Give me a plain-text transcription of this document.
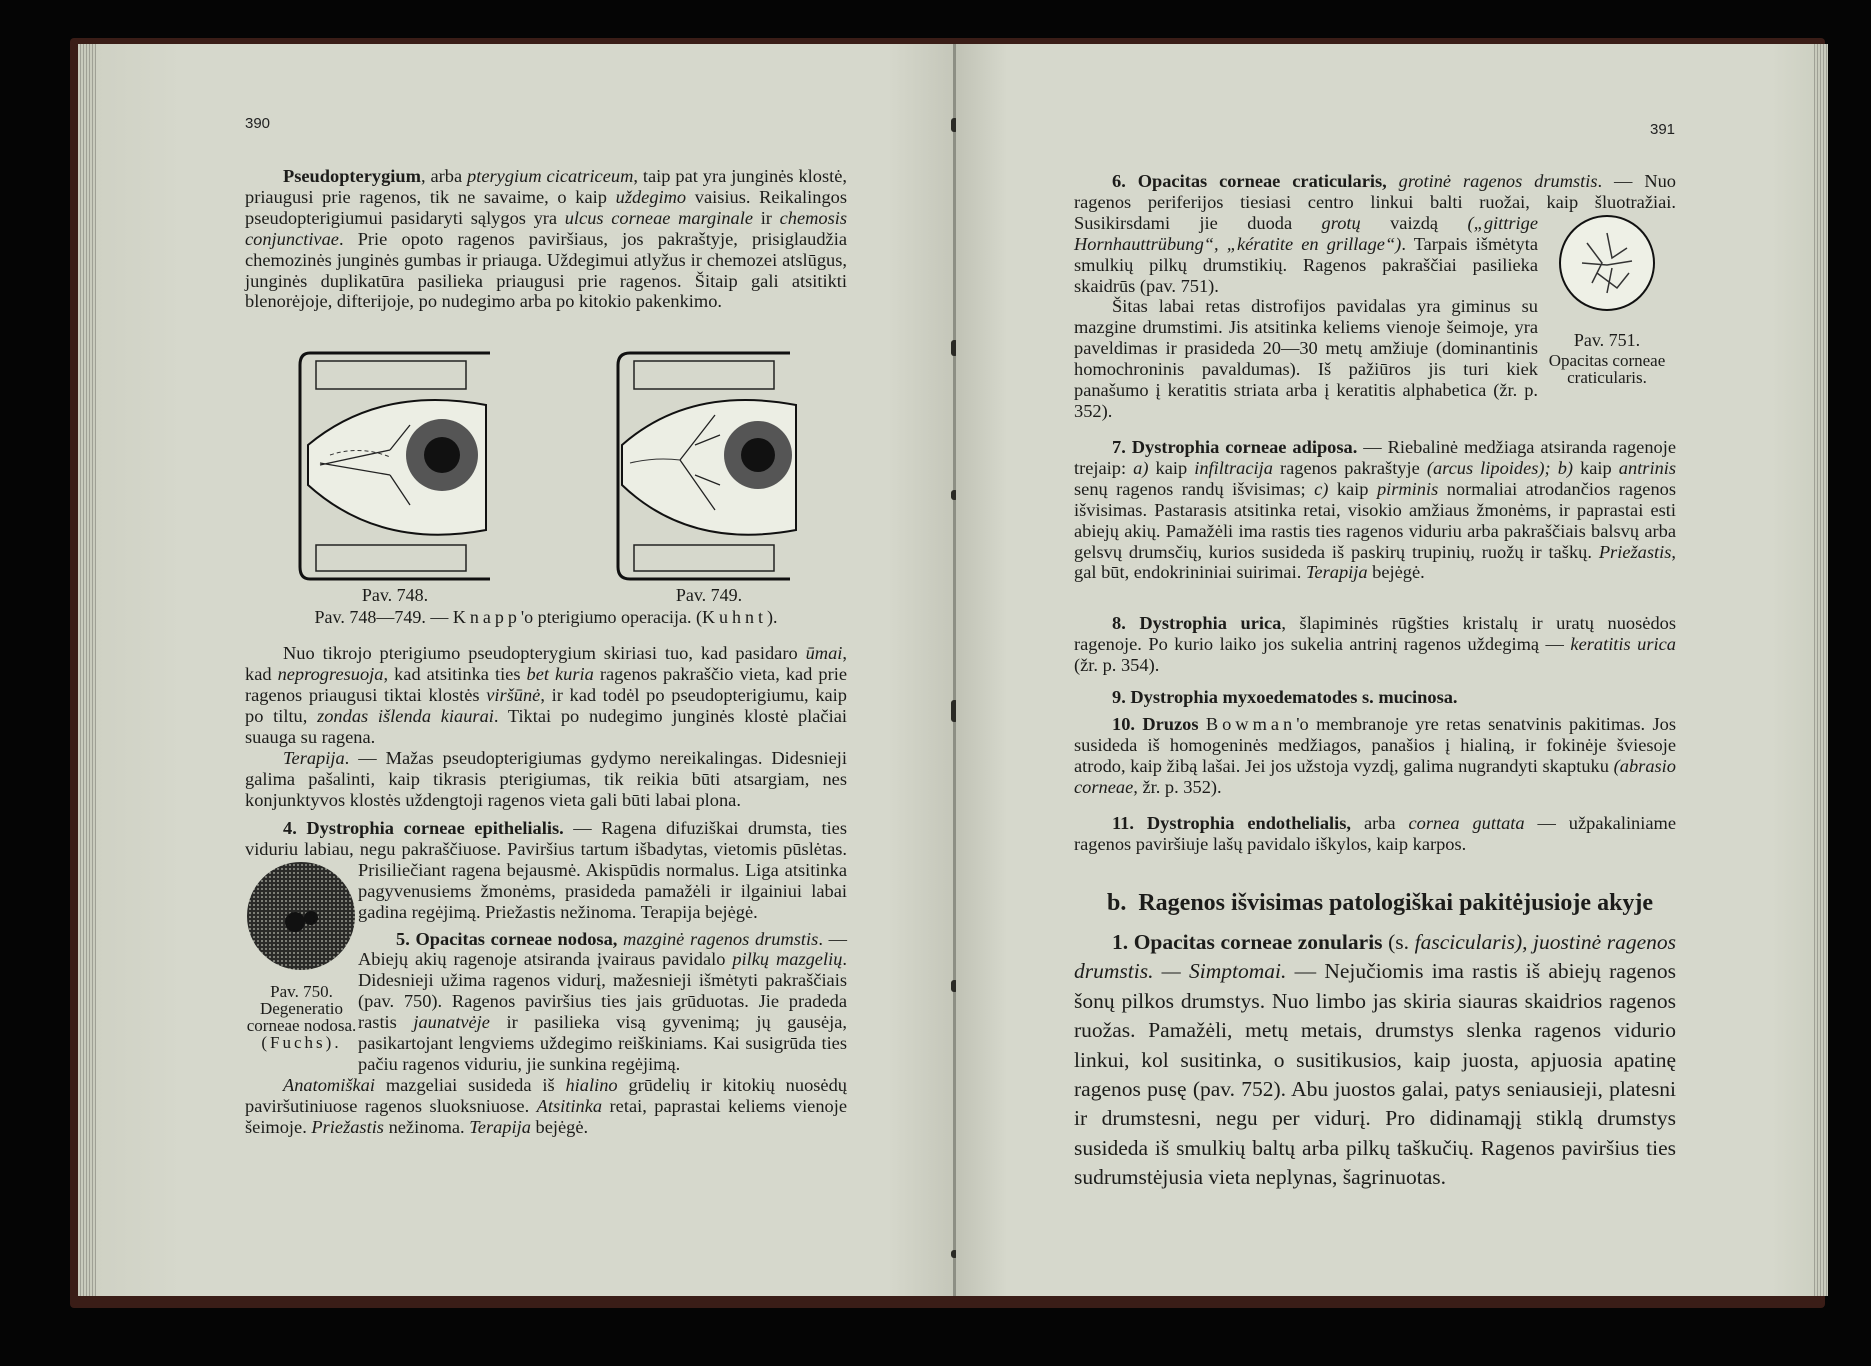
390
Pseudopterygium, arba pterygium cicatriceum, taip pat yra junginės klostė, priaugusi prie ragenos, tik ne savaime, o kaip uždegimo vaisius. Reikalingos pseudopterigiumui pasidaryti sąlygos yra ulcus corneae marginale ir chemosis conjunctivae. Prie opoto ragenos paviršiaus, jos pakraštyje, prisiglaudžia chemozinės junginės gumbas ir priauga. Uždegimui atlyžus ir chemozei atslūgus, junginės duplikatūra pasilieka priaugusi prie ragenos. Šitaip gali atsitikti blenorėjoje, difterijoje, po nudegimo arba po kitokio pakenkimo.
Pav. 748.	Pav. 749.
Pav. 748—749. — Knapp'o pterigiumo operacija. (Kuhnt).
Nuo tikrojo pterigiumo pseudopterygium skiriasi tuo, kad pasidaro ūmai, kad neprogresuoja, kad atsitinka ties bet kuria ragenos pakraščio vieta, kad prie ragenos priaugusi tiktai klostės viršūnė, ir kad todėl po pseudopterigiumu, kaip po tiltu, zondas išlenda kiaurai. Tiktai po nudegimo junginės klostė plačiai suauga su ragena.
Terapija. — Mažas pseudopterigiumas gydymo nereikalingas. Didesnieji galima pašalinti, kaip tikrasis pterigiumas, tik reikia būti atsargiam, nes konjunktyvos klostės uždengtoji ragenos vieta gali būti labai plona.
Pav. 750.
Degeneratio
corneae nodosa.
(Fuchs).
4. Dystrophia corneae epithelialis. — Ragena difuziškai drumsta, ties viduriu labiau, negu pakraščiuose. Paviršius tartum išbadytas, vietomis pūslėtas. Prisiliečiant ragena bejausmė. Akispūdis normalus. Liga atsitinka pagyvenusiems žmonėms, prasideda pamažėli ir ilgainiui labai gadina regėjimą. Priežastis nežinoma. Terapija bejėgė.
5. Opacitas corneae nodosa, mazginė ragenos drumstis. — Abiejų akių ragenoje atsiranda įvairaus pavidalo pilkų mazgelių. Didesnieji užima ragenos vidurį, mažesnieji išmėtyti pakraščiais (pav. 750). Ragenos paviršius ties jais grūduotas. Jie pradeda rastis jaunatvėje ir pasilieka visą gyvenimą; jų gausėja, pasikartojant lengviems uždegimo reiškiniams. Kai susigrūda ties pačiu ragenos viduriu, jie sunkina regėjimą.
Anatomiškai mazgeliai susideda iš hialino grūdelių ir kitokių nuosėdų paviršutiniuose ragenos sluoksniuose. Atsitinka retai, paprastai keliems vienoje šeimoje. Priežastis nežinoma. Terapija bejėgė.
391
Pav. 751.
Opacitas corneae craticularis.
6. Opacitas corneae craticularis, grotinė ragenos drumstis. — Nuo ragenos periferijos tiesiasi centro linkui balti ruožai, kaip šluotražiai. Susikirsdami jie duoda grotų vaizdą („gittrige Hornhauttrübung“, „kératite en grillage“). Tarpais išmėtyta smulkių pilkų drumstikių. Ragenos pakraščiai pasilieka skaidrūs (pav. 751).
Šitas labai retas distrofijos pavidalas yra giminus su mazgine drumstimi. Jis atsitinka keliems vienoje šeimoje, yra paveldimas ir prasideda 20—30 metų amžiuje (dominantinis homochroninis pavaldumas). Iš pažiūros jis turi kiek panašumo į keratitis striata arba į keratitis alphabetica (žr. p. 352).
7. Dystrophia corneae adiposa. — Riebalinė medžiaga atsiranda ragenoje trejaip: a) kaip infiltracija ragenos pakraštyje (arcus lipoides); b) kaip antrinis senų ragenos randų išvisimas; c) kaip pirminis normaliai atrodančios ragenos išvisimas. Pastarasis atsitinka retai, visokio amžiaus žmonėms, ir paprastai esti abiejų akių. Pamažėli ima rastis ties ragenos viduriu arba pakraščiais balsvų arba gelsvų drumsčių, kurios susideda iš paskirų trupinių, ruožų ir taškų. Priežastis, gal būt, endokrininiai suirimai. Terapija bejėgė.
8. Dystrophia urica, šlapiminės rūgšties kristalų ir uratų nuosėdos ragenoje. Po kurio laiko jos sukelia antrinį ragenos uždegimą — keratitis urica (žr. p. 354).
9. Dystrophia myxoedematodes s. mucinosa.
10. Druzos Bowman'o membranoje yre retas senatvinis pakitimas. Jos susideda iš homogeninės medžiagos, panašios į hialiną, ir fokinėje šviesoje atrodo, kaip žibą lašai. Jei jos užstoja vyzdį, galima nugrandyti skaptuku (abrasio corneae, žr. p. 352).
11. Dystrophia endothelialis, arba cornea guttata — užpakaliniame ragenos paviršiuje lašų pavidalo iškylos, kaip karpos.
b.  Ragenos išvisimas patologiškai pakitėjusioje akyje
1. Opacitas corneae zonularis (s. fascicularis), juostinė ragenos drumstis. — Simptomai. — Nejučiomis ima rastis iš abiejų ragenos šonų pilkos drumstys. Nuo limbo jas skiria siauras skaidrios ragenos ruožas. Pamažėli, metų metais, drumstys slenka ragenos vidurio linkui, kol susitinka, o susitikusios, kaip juosta, apjuosia apatinę ragenos pusę (pav. 752). Abu juostos galai, patys seniausieji, platesni ir drumstesni, negu per vidurį. Pro didinamąjį stiklą drumstys susideda iš smulkių baltų arba pilkų taškučių. Ragenos paviršius ties sudrumstėjusia vieta neplynas, šagrinuotas.
